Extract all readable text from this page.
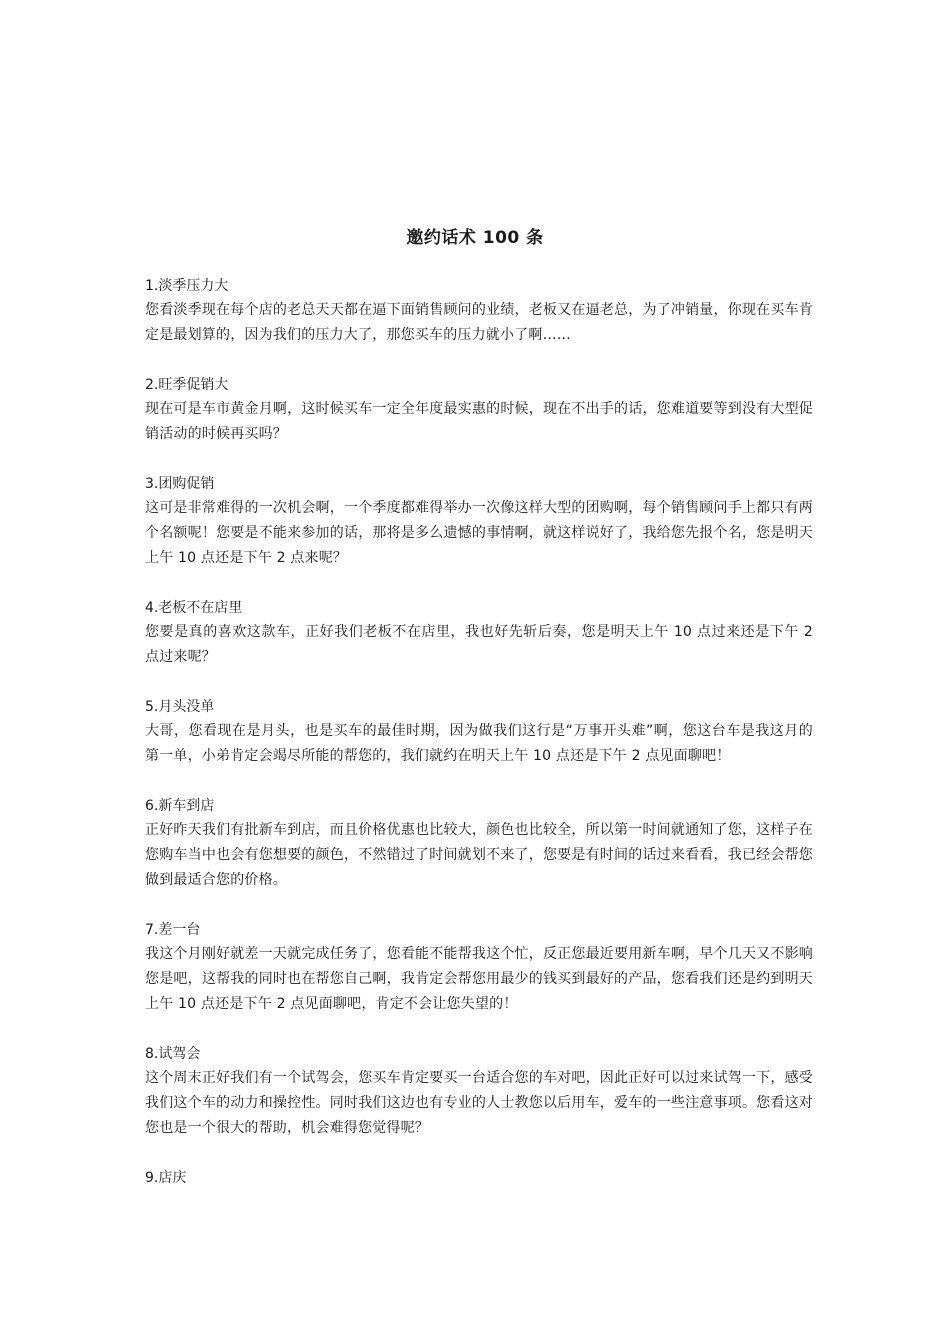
邀约话术 100 条

1.淡季压力大

您看淡季现在每个店的老总天天都在逼下面销售顾问的业绩，老板又在逼老总，为了冲销量，你现在买车肯定是最划算的，因为我们的压力大了，那您买车的压力就小了啊……

2.旺季促销大

现在可是车市黄金月啊，这时候买车一定全年度最实惠的时候，现在不出手的话，您难道要等到没有大型促销活动的时候再买吗？

3.团购促销

这可是非常难得的一次机会啊，一个季度都难得举办一次像这样大型的团购啊，每个销售顾问手上都只有两个名额呢！您要是不能来参加的话，那将是多么遗憾的事情啊，就这样说好了，我给您先报个名，您是明天上午 10 点还是下午 2 点来呢？

4.老板不在店里

您要是真的喜欢这款车，正好我们老板不在店里，我也好先斩后奏，您是明天上午 10 点过来还是下午 2 点过来呢？

5.月头没单

大哥，您看现在是月头，也是买车的最佳时期，因为做我们这行是“万事开头难”啊，您这台车是我这月的第一单，小弟肯定会竭尽所能的帮您的，我们就约在明天上午 10 点还是下午 2 点见面聊吧！

6.新车到店

正好昨天我们有批新车到店，而且价格优惠也比较大，颜色也比较全，所以第一时间就通知了您，这样子在您购车当中也会有您想要的颜色，不然错过了时间就划不来了，您要是有时间的话过来看看，我已经会帮您做到最适合您的价格。

7.差一台

我这个月刚好就差一天就完成任务了，您看能不能帮我这个忙，反正您最近要用新车啊，早个几天又不影响您是吧，这帮我的同时也在帮您自己啊，我肯定会帮您用最少的钱买到最好的产品，您看我们还是约到明天上午 10 点还是下午 2 点见面聊吧，肯定不会让您失望的！

8.试驾会

这个周末正好我们有一个试驾会，您买车肯定要买一台适合您的车对吧，因此正好可以过来试驾一下，感受我们这个车的动力和操控性。同时我们这边也有专业的人士教您以后用车，爱车的一些注意事项。您看这对您也是一个很大的帮助，机会难得您觉得呢？

9.店庆
